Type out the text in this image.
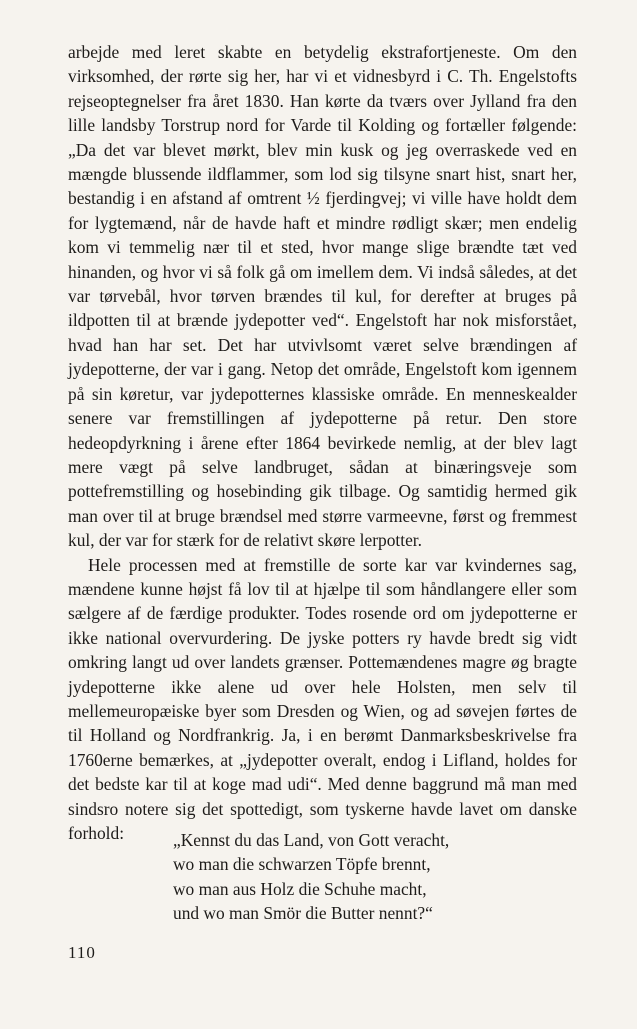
arbejde med leret skabte en betydelig ekstrafortjeneste. Om den virksomhed, der rørte sig her, har vi et vidnesbyrd i C. Th. Engelstofts rejseoptegnelser fra året 1830. Han kørte da tværs over Jylland fra den lille landsby Torstrup nord for Varde til Kolding og fortæller følgende: „Da det var blevet mørkt, blev min kusk og jeg overraskede ved en mængde blussende ildflammer, som lod sig tilsyne snart hist, snart her, bestandig i en afstand af omtrent ½ fjerdingvej; vi ville have holdt dem for lygtemænd, når de havde haft et mindre rødligt skær; men endelig kom vi temmelig nær til et sted, hvor mange slige brændte tæt ved hinanden, og hvor vi så folk gå om imellem dem. Vi indså således, at det var tørvebål, hvor tørven brændes til kul, for derefter at bruges på ildpotten til at brænde jydepotter ved“. Engelstoft har nok misforstået, hvad han har set. Det har utvivlsomt været selve brændingen af jydepotterne, der var i gang. Netop det område, Engelstoft kom igennem på sin køretur, var jydepotternes klassiske område. En menneskealder senere var fremstillingen af jydepotterne på retur. Den store hedeopdyrkning i årene efter 1864 bevirkede nemlig, at der blev lagt mere vægt på selve landbruget, sådan at binæringsveje som pottefremstilling og hosebinding gik tilbage. Og samtidig hermed gik man over til at bruge brændsel med større varmeevne, først og fremmest kul, der var for stærk for de relativt skøre lerpotter.

Hele processen med at fremstille de sorte kar var kvindernes sag, mændene kunne højst få lov til at hjælpe til som håndlangere eller som sælgere af de færdige produkter. Todes rosende ord om jydepotterne er ikke national overvurdering. De jyske potters ry havde bredt sig vidt omkring langt ud over landets grænser. Pottemændenes magre øg bragte jydepotterne ikke alene ud over hele Holsten, men selv til mellemeuropæiske byer som Dresden og Wien, og ad søvejen førtes de til Holland og Nordfrankrig. Ja, i en berømt Danmarksbeskrivelse fra 1760erne bemærkes, at „jydepotter overalt, endog i Lifland, holdes for det bedste kar til at koge mad udi“. Med denne baggrund må man med sindsro notere sig det spottedigt, som tyskerne havde lavet om danske forhold:	„Kennst du das Land, von Gott veracht,
wo man die schwarzen Töpfe brennt,
wo man aus Holz die Schuhe macht,
und wo man Smör die Butter nennt?“
110
